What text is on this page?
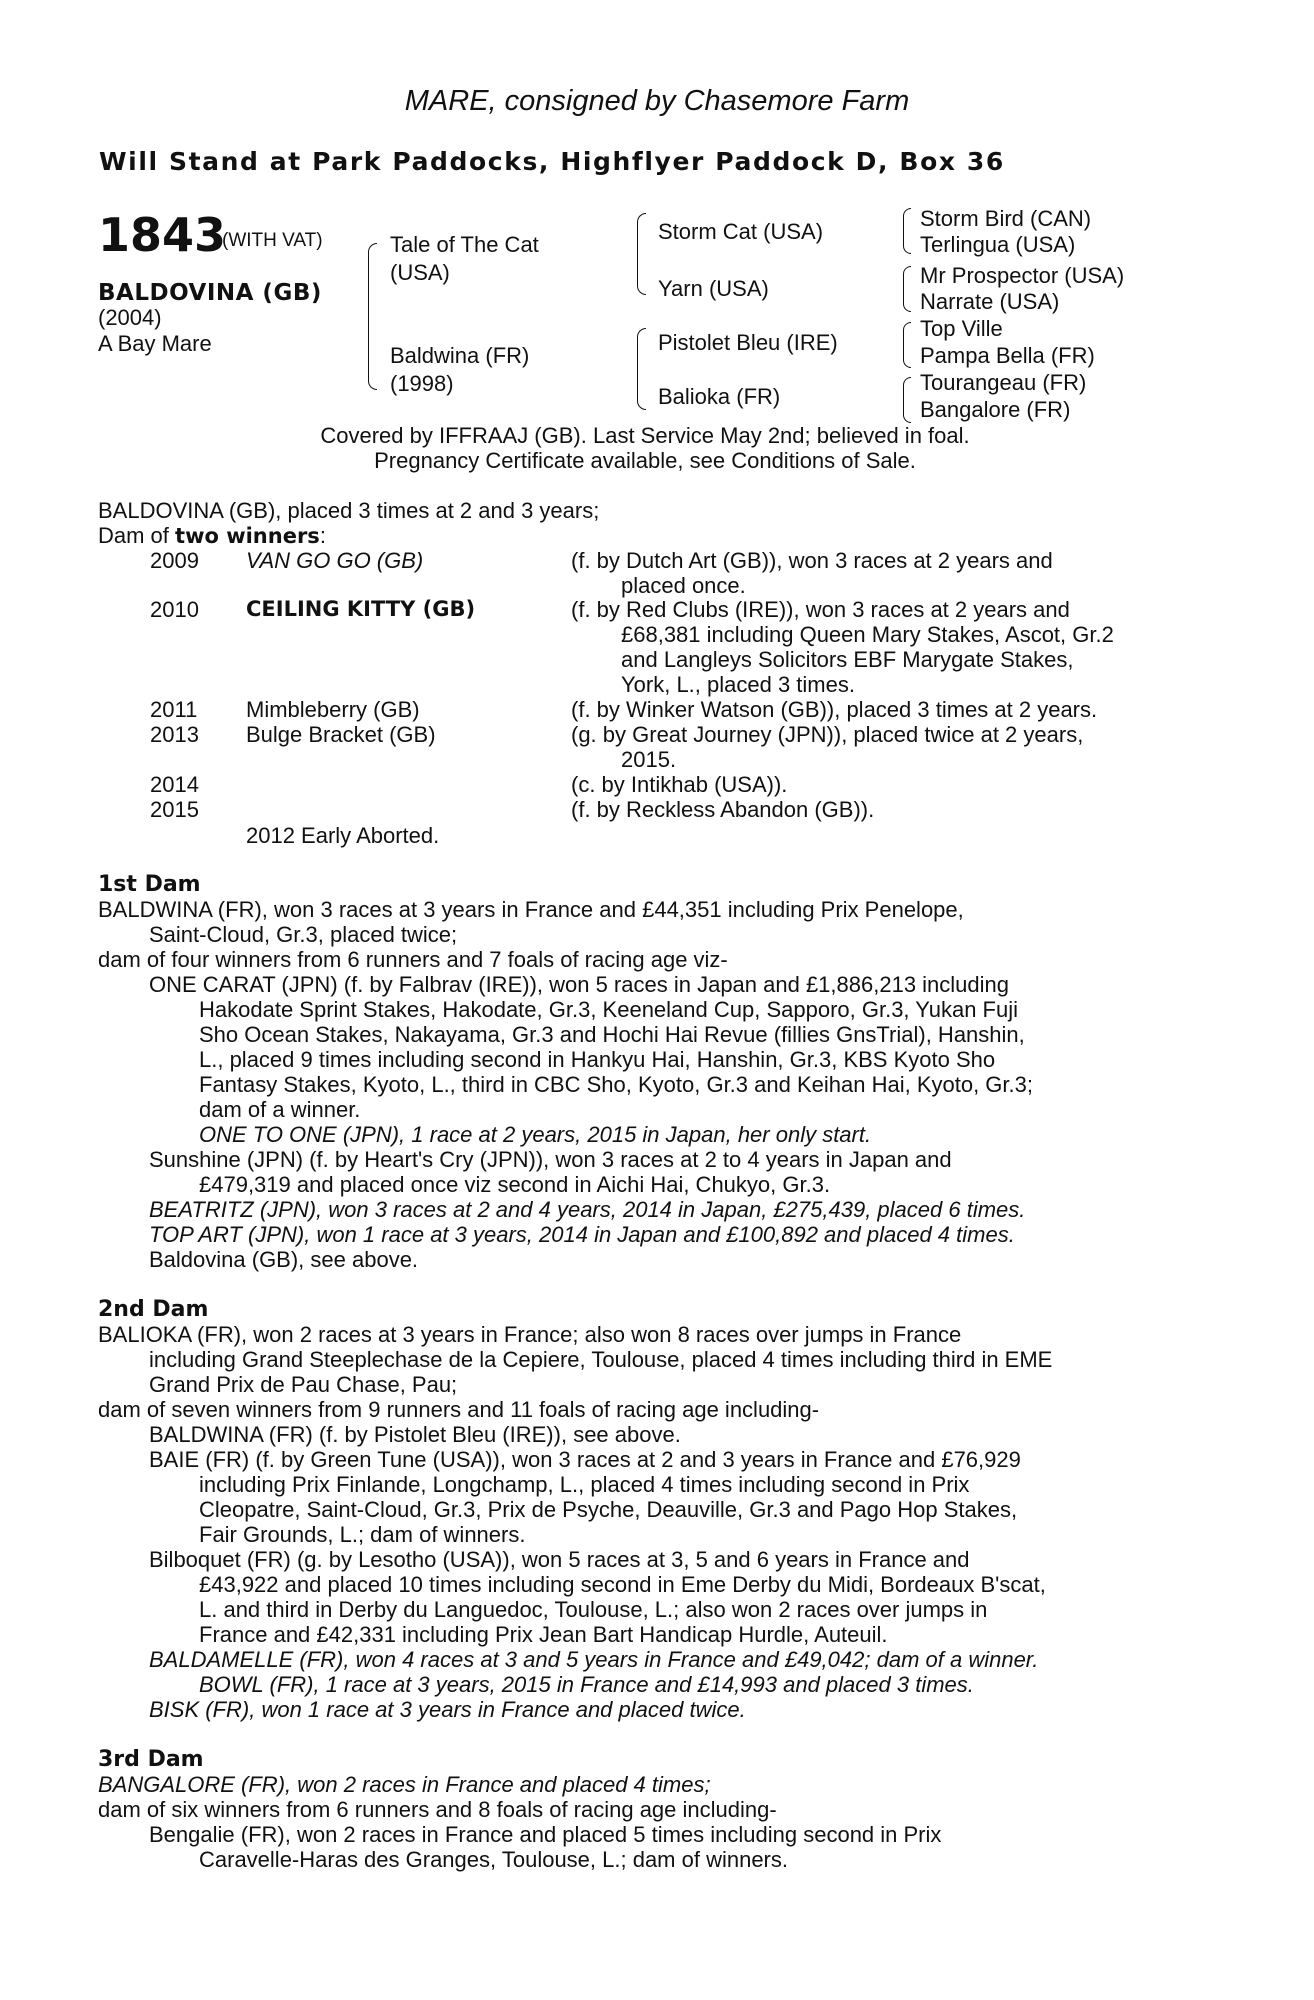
MARE, consigned by Chasemore Farm
Will Stand at Park Paddocks, Highflyer Paddock D, Box 36
1843
(WITH VAT)
BALDOVINA (GB)
(2004)
A Bay Mare
Tale of The Cat
(USA)
Baldwina (FR)
(1998)
Storm Cat (USA)
Yarn (USA)
Pistolet Bleu (IRE)
Balioka (FR)
Storm Bird (CAN)
Terlingua (USA)
Mr Prospector (USA)
Narrate (USA)
Top Ville
Pampa Bella (FR)
Tourangeau (FR)
Bangalore (FR)
Covered by IFFRAAJ (GB). Last Service May 2nd; believed in foal.
Pregnancy Certificate available, see Conditions of Sale.
BALDOVINA (GB), placed 3 times at 2 and 3 years;
Dam of two winners:
2009 VAN GO GO (GB)	(f. by Dutch Art (GB)), won 3 races at 2 years and
placed once.
2010 CEILING KITTY (GB)	(f. by Red Clubs (IRE)), won 3 races at 2 years and
£68,381 including Queen Mary Stakes, Ascot, Gr.2
and Langleys Solicitors EBF Marygate Stakes,
York, L., placed 3 times.
2011 Mimbleberry (GB)	(f. by Winker Watson (GB)), placed 3 times at 2 years.
2013 Bulge Bracket (GB)	(g. by Great Journey (JPN)), placed twice at 2 years,
2015.
2014	(c. by Intikhab (USA)).
2015	(f. by Reckless Abandon (GB)).
2012 Early Aborted.
1st Dam
BALDWINA (FR), won 3 races at 3 years in France and £44,351 including Prix Penelope,
Saint-Cloud, Gr.3, placed twice;
dam of four winners from 6 runners and 7 foals of racing age viz-
ONE CARAT (JPN) (f. by Falbrav (IRE)), won 5 races in Japan and £1,886,213 including
Hakodate Sprint Stakes, Hakodate, Gr.3, Keeneland Cup, Sapporo, Gr.3, Yukan Fuji
Sho Ocean Stakes, Nakayama, Gr.3 and Hochi Hai Revue (fillies GnsTrial), Hanshin,
L., placed 9 times including second in Hankyu Hai, Hanshin, Gr.3, KBS Kyoto Sho
Fantasy Stakes, Kyoto, L., third in CBC Sho, Kyoto, Gr.3 and Keihan Hai, Kyoto, Gr.3;
dam of a winner.
ONE TO ONE (JPN), 1 race at 2 years, 2015 in Japan, her only start.
Sunshine (JPN) (f. by Heart's Cry (JPN)), won 3 races at 2 to 4 years in Japan and
£479,319 and placed once viz second in Aichi Hai, Chukyo, Gr.3.
BEATRITZ (JPN), won 3 races at 2 and 4 years, 2014 in Japan, £275,439, placed 6 times.
TOP ART (JPN), won 1 race at 3 years, 2014 in Japan and £100,892 and placed 4 times.
Baldovina (GB), see above.
2nd Dam
BALIOKA (FR), won 2 races at 3 years in France; also won 8 races over jumps in France
including Grand Steeplechase de la Cepiere, Toulouse, placed 4 times including third in EME
Grand Prix de Pau Chase, Pau;
dam of seven winners from 9 runners and 11 foals of racing age including-
BALDWINA (FR) (f. by Pistolet Bleu (IRE)), see above.
BAIE (FR) (f. by Green Tune (USA)), won 3 races at 2 and 3 years in France and £76,929
including Prix Finlande, Longchamp, L., placed 4 times including second in Prix
Cleopatre, Saint-Cloud, Gr.3, Prix de Psyche, Deauville, Gr.3 and Pago Hop Stakes,
Fair Grounds, L.; dam of winners.
Bilboquet (FR) (g. by Lesotho (USA)), won 5 races at 3, 5 and 6 years in France and
£43,922 and placed 10 times including second in Eme Derby du Midi, Bordeaux B'scat,
L. and third in Derby du Languedoc, Toulouse, L.; also won 2 races over jumps in
France and £42,331 including Prix Jean Bart Handicap Hurdle, Auteuil.
BALDAMELLE (FR), won 4 races at 3 and 5 years in France and £49,042; dam of a winner.
BOWL (FR), 1 race at 3 years, 2015 in France and £14,993 and placed 3 times.
BISK (FR), won 1 race at 3 years in France and placed twice.
3rd Dam
BANGALORE (FR), won 2 races in France and placed 4 times;
dam of six winners from 6 runners and 8 foals of racing age including-
Bengalie (FR), won 2 races in France and placed 5 times including second in Prix
Caravelle-Haras des Granges, Toulouse, L.; dam of winners.
